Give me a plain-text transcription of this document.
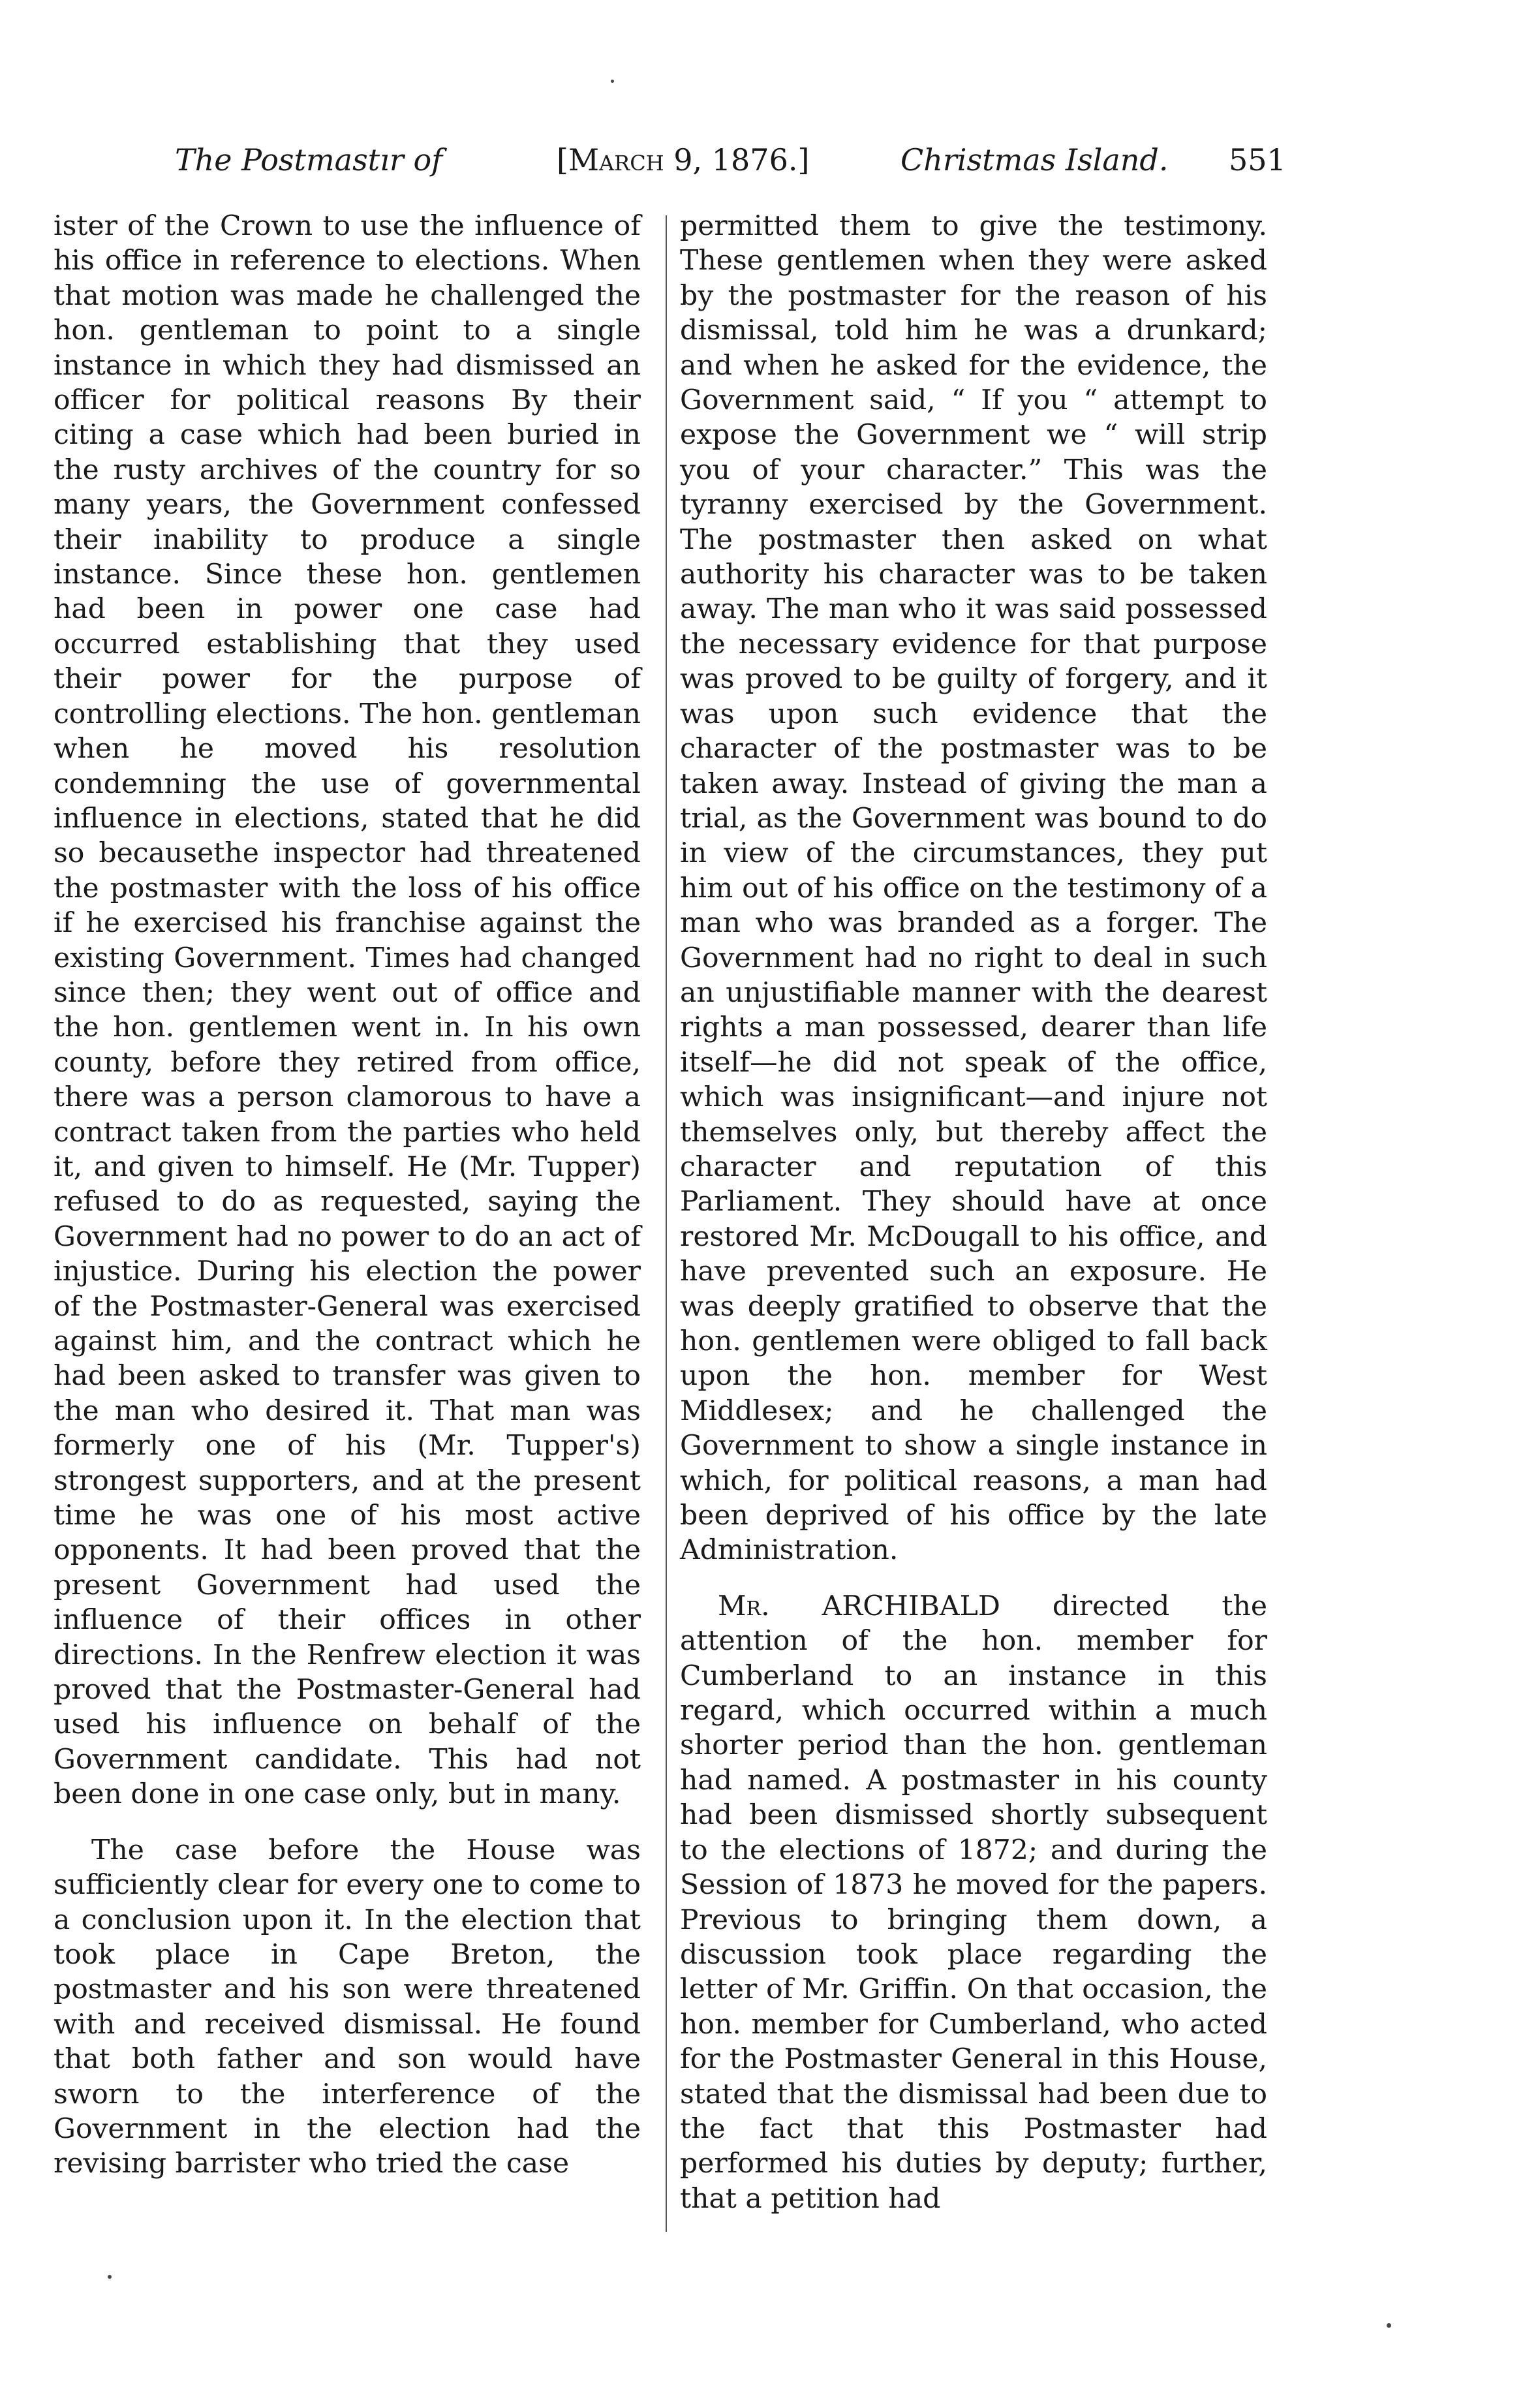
The Postmastır of	[March 9, 1876.]	Christmas Island. 551

ister of the Crown to use the influence of his office in reference to elections. When that motion was made he challenged the hon. gentleman to point to a single instance in which they had dismissed an officer for political reasons By their citing a case which had been buried in the rusty archives of the country for so many years, the Government confessed their inability to produce a single instance. Since these hon. gentlemen had been in power one case had occurred establishing that they used their power for the purpose of controlling elections. The hon. gentleman when he moved his resolution condemning the use of governmental influence in elections, stated that he did so becausethe inspector had threatened the postmaster with the loss of his office if he exercised his franchise against the existing Government. Times had changed since then; they went out of office and the hon. gentlemen went in. In his own county, before they retired from office, there was a person clamorous to have a contract taken from the parties who held it, and given to himself. He (Mr. Tupper) refused to do as requested, saying the Government had no power to do an act of injustice. During his election the power of the Postmaster-General was exercised against him, and the contract which he had been asked to transfer was given to the man who desired it. That man was formerly one of his (Mr. Tupper's) strongest supporters, and at the present time he was one of his most active opponents. It had been proved that the present Government had used the influence of their offices in other directions. In the Renfrew election it was proved that the Postmaster-General had used his influence on behalf of the Government candidate. This had not been done in one case only, but in many.

The case before the House was sufficiently clear for every one to come to a conclusion upon it. In the election that took place in Cape Breton, the postmaster and his son were threatened with and received dismissal. He found that both father and son would have sworn to the interference of the Government in the election had the revising barrister who tried the case

permitted them to give the testimony. These gentlemen when they were asked by the postmaster for the reason of his dismissal, told him he was a drunkard; and when he asked for the evidence, the Government said, “ If you “ attempt to expose the Government we “ will strip you of your character.” This was the tyranny exercised by the Government. The postmaster then asked on what authority his character was to be taken away. The man who it was said possessed the necessary evidence for that purpose was proved to be guilty of forgery, and it was upon such evidence that the character of the postmaster was to be taken away. Instead of giving the man a trial, as the Government was bound to do in view of the circumstances, they put him out of his office on the testimony of a man who was branded as a forger. The Government had no right to deal in such an unjustifiable manner with the dearest rights a man possessed, dearer than life itself—he did not speak of the office, which was insignificant—and injure not themselves only, but thereby affect the character and reputation of this Parliament. They should have at once restored Mr. McDougall to his office, and have prevented such an exposure. He was deeply gratified to observe that the hon. gentlemen were obliged to fall back upon the hon. member for West Middlesex; and he challenged the Government to show a single instance in which, for political reasons, a man had been deprived of his office by the late Administration.

Mr. ARCHIBALD directed the attention of the hon. member for Cumberland to an instance in this regard, which occurred within a much shorter period than the hon. gentleman had named. A postmaster in his county had been dismissed shortly subsequent to the elections of 1872; and during the Session of 1873 he moved for the papers. Previous to bringing them down, a discussion took place regarding the letter of Mr. Griffin. On that occasion, the hon. member for Cumberland, who acted for the Postmaster General in this House, stated that the dismissal had been due to the fact that this Postmaster had performed his duties by deputy; further, that a petition had
